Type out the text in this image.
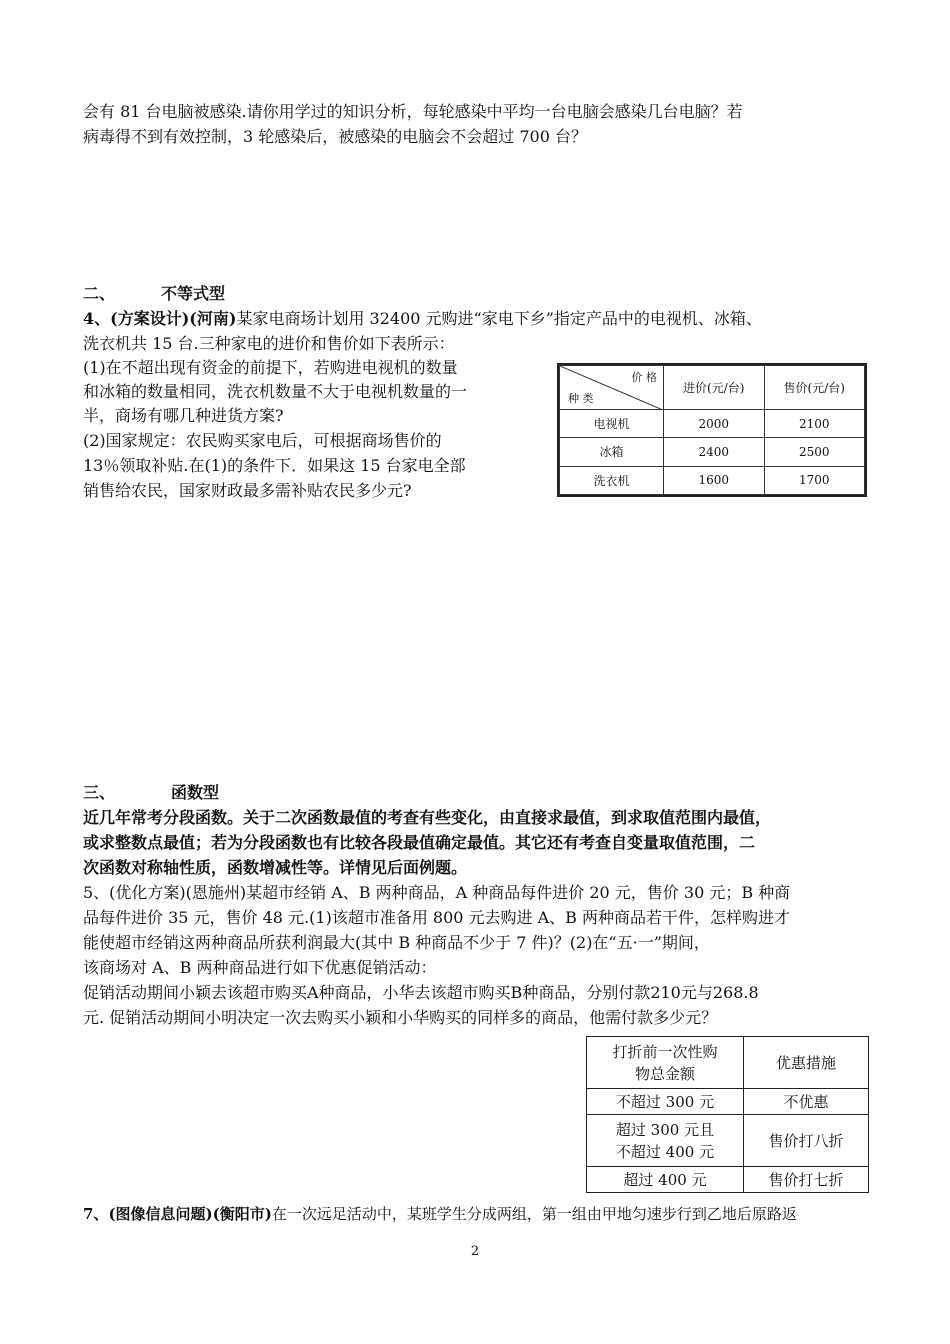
会有 81 台电脑被感染.请你用学过的知识分析，每轮感染中平均一台电脑会感染几台电脑？若
病毒得不到有效控制，3 轮感染后，被感染的电脑会不会超过 700 台？
二、	不等式型
4、(方案设计)(河南)某家电商场计划用 32400 元购进“家电下乡”指定产品中的电视机、冰箱、
洗衣机共 15 台.三种家电的进价和售价如下表所示：
(1)在不超出现有资金的前提下，若购进电视机的数量
和冰箱的数量相同，洗衣机数量不大于电视机数量的一
半，商场有哪几种进货方案?
(2)国家规定：农民购买家电后，可根据商场售价的
13％领取补贴.在(1)的条件下．如果这 15 台家电全部
销售给农民，国家财政最多需补贴农民多少元?
价 格
种 类	进价(元/台)	售价(元/台)
电视机	2000	2100
冰箱	2400	2500
洗衣机	1600	1700
三、	函数型
近几年常考分段函数。关于二次函数最值的考查有些变化，由直接求最值，到求取值范围内最值，
或求整数点最值；若为分段函数也有比较各段最值确定最值。其它还有考查自变量取值范围，二
次函数对称轴性质，函数增减性等。详情见后面例题。
5、(优化方案)(恩施州)某超市经销 A、B 两种商品，A 种商品每件进价 20 元，售价 30 元；B 种商
品每件进价 35 元，售价 48 元.(1)该超市准备用 800 元去购进 A、B 两种商品若干件，怎样购进才
能使超市经销这两种商品所获利润最大(其中 B 种商品不少于 7 件)？(2)在“五·一”期间，
该商场对 A、B 两种商品进行如下优惠促销活动：
促销活动期间小颖去该超市购买A种商品，小华去该超市购买B种商品，分别付款210元与268.8
元. 促销活动期间小明决定一次去购买小颖和小华购买的同样多的商品，他需付款多少元？
打折前一次性购
物总金额	优惠措施
不超过 300 元	不优惠

超过 300 元且
不超过 400 元	售价打八折
超过 400 元	售价打七折
7、(图像信息问题)(衡阳市)在一次远足活动中，某班学生分成两组，第一组由甲地匀速步行到乙地后原路返
2
